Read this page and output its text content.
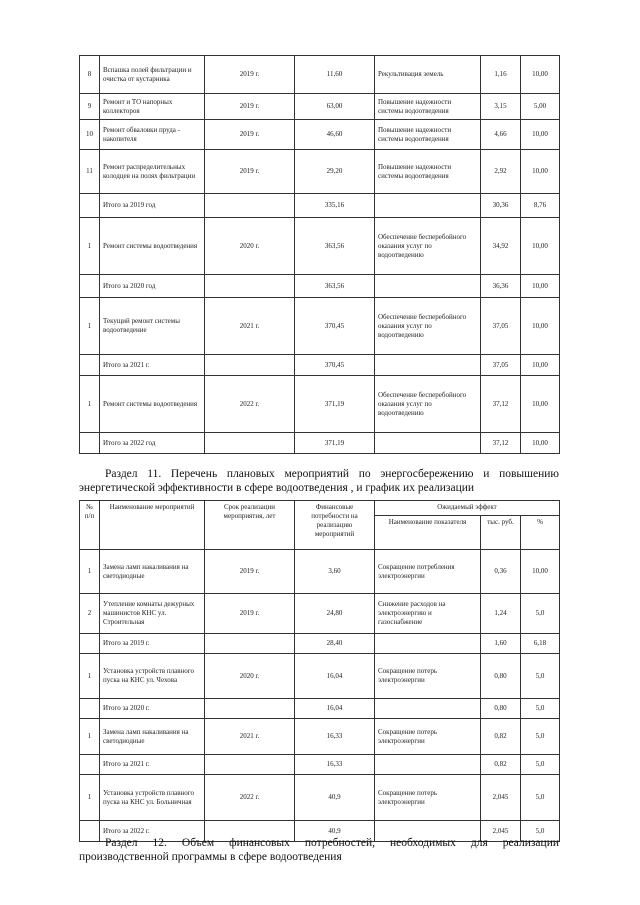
8	Вспашка полей фильтрации и очистка от кустарника	2019 г.	11,60	Рекультивация земель	1,16	10,00
9	Ремонт и ТО напорных коллекторов	2019 г.	63,00	Повышение надежности системы водоотведения	3,15	5,00
10	Ремонт обваловки пруда - накопителя	2019 г.	46,60	Повышение надежности системы водоотведения	4,66	10,00
11	Ремонт распределительных колодцев на полях фильтрации	2019 г.	29,20	Повышение надежности системы водоотведения	2,92	10,00
	Итого за 2019 год		335,16		30,36	8,76
1	Ремонт системы водоотведения	2020 г.	363,56	Обеспечение бесперебойного оказания услуг по водоотведению	34,92	10,00
	Итого за 2020 год		363,56		36,36	10,00
1	Текущий ремонт системы водоотведение	2021 г.	370,45	Обеспечение бесперебойного оказания услуг по водоотведению	37,05	10,00
	Итого за 2021 г.		370,45		37,05	10,00
1	Ремонт системы водоотведения	2022 г.	371,19	Обеспечение бесперебойного оказания услуг по водоотведению	37,12	10,00
	Итого за 2022 год		371,19		37,12	10,00

Раздел 11. Перечень плановых мероприятий по энергосбережению и повышению

энергетической эффективности в сфере водоотведения , и график их реализации

№ п/п	Наименование мероприятий	Срок реализации мероприятия, лет	Финансовые потребности на реализацию мероприятий	Ожидаемый эффект		
				Наименование показателя	тыс. руб.	%
1	Замена ламп накаливания на светодиодные	2019 г.	3,60	Сокращение потребления электроэнергии	0,36	10,00
2	Утепление комнаты дежурных машинистов КНС ул. Строительная	2019 г.	24,80	Снижение расходов на электроэнергию и газоснабжение	1,24	5,0
	Итого за 2019 г.		28,40		1,60	6,18
1	Установка устройств плавного пуска на КНС ул. Чехова	2020 г.	16,04	Сокращение потерь электроэнергии	0,80	5,0
	Итого за 2020 г.		16,04		0,80	5,0
1	Замена ламп накаливания на светодиодные	2021 г.	16,33	Сокращение потерь электроэнергии	0,82	5,0
	Итого за 2021 г.		16,33		0,82	5,0
1	Установка устройств плавного пуска на КНС ул. Больничная	2022 г.	40,9	Сокращение потерь электроэнергии	2,045	5,0
	Итого за 2022 г.		40,9		2,045	5,0

Раздел 12. Объем финансовых потребностей, необходимых для реализации

производственной программы в сфере водоотведения
